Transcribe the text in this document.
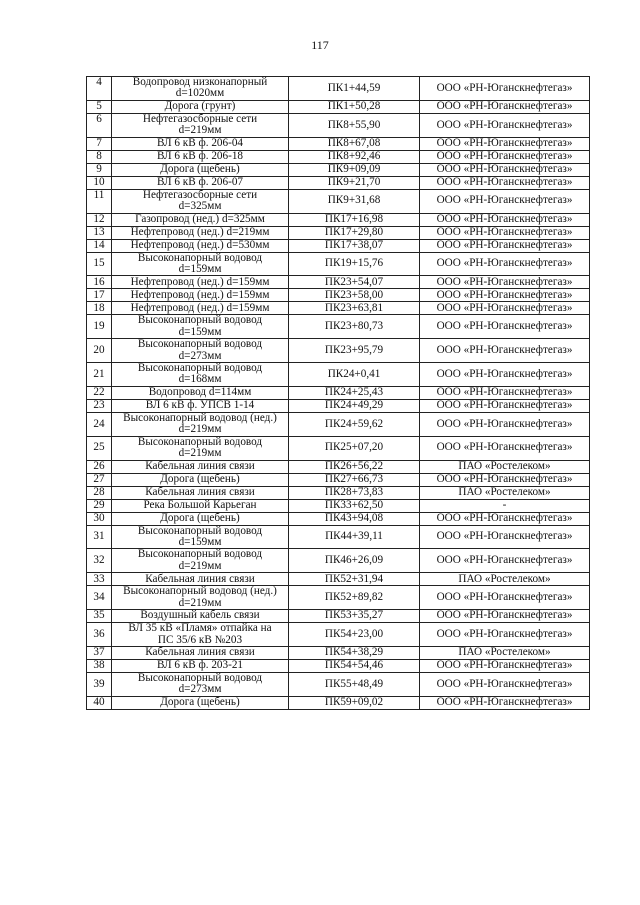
117
4	Водопровод низконапорный
d=1020мм	ПК1+44,59	ООО «РН-Юганскнефтегаз»
5	Дорога (грунт)	ПК1+50,28	ООО «РН-Юганскнефтегаз»
6	Нефтегазосборные сети
d=219мм	ПК8+55,90	ООО «РН-Юганскнефтегаз»
7	ВЛ 6 кВ ф. 206-04	ПК8+67,08	ООО «РН-Юганскнефтегаз»
8	ВЛ 6 кВ ф. 206-18	ПК8+92,46	ООО «РН-Юганскнефтегаз»
9	Дорога (щебень)	ПК9+09,09	ООО «РН-Юганскнефтегаз»
10	ВЛ 6 кВ ф. 206-07	ПК9+21,70	ООО «РН-Юганскнефтегаз»
11	Нефтегазосборные сети
d=325мм	ПК9+31,68	ООО «РН-Юганскнефтегаз»
12	Газопровод (нед.) d=325мм	ПК17+16,98	ООО «РН-Юганскнефтегаз»
13	Нефтепровод (нед.) d=219мм	ПК17+29,80	ООО «РН-Юганскнефтегаз»
14	Нефтепровод (нед.) d=530мм	ПК17+38,07	ООО «РН-Юганскнефтегаз»
15	Высоконапорный водовод
d=159мм	ПК19+15,76	ООО «РН-Юганскнефтегаз»
16	Нефтепровод (нед.) d=159мм	ПК23+54,07	ООО «РН-Юганскнефтегаз»
17	Нефтепровод (нед.) d=159мм	ПК23+58,00	ООО «РН-Юганскнефтегаз»
18	Нефтепровод (нед.) d=159мм	ПК23+63,81	ООО «РН-Юганскнефтегаз»
19	Высоконапорный водовод
d=159мм	ПК23+80,73	ООО «РН-Юганскнефтегаз»
20	Высоконапорный водовод
d=273мм	ПК23+95,79	ООО «РН-Юганскнефтегаз»
21	Высоконапорный водовод
d=168мм	ПК24+0,41	ООО «РН-Юганскнефтегаз»
22	Водопровод d=114мм	ПК24+25,43	ООО «РН-Юганскнефтегаз»
23	ВЛ 6 кВ ф. УПСВ 1-14	ПК24+49,29	ООО «РН-Юганскнефтегаз»
24	Высоконапорный водовод (нед.)
d=219мм	ПК24+59,62	ООО «РН-Юганскнефтегаз»
25	Высоконапорный водовод
d=219мм	ПК25+07,20	ООО «РН-Юганскнефтегаз»
26	Кабельная линия связи	ПК26+56,22	ПАО «Ростелеком»
27	Дорога (щебень)	ПК27+66,73	ООО «РН-Юганскнефтегаз»
28	Кабельная линия связи	ПК28+73,83	ПАО «Ростелеком»
29	Река Большой Карьеган	ПК33+62,50	-
30	Дорога (щебень)	ПК43+94,08	ООО «РН-Юганскнефтегаз»
31	Высоконапорный водовод
d=159мм	ПК44+39,11	ООО «РН-Юганскнефтегаз»
32	Высоконапорный водовод
d=219мм	ПК46+26,09	ООО «РН-Юганскнефтегаз»
33	Кабельная линия связи	ПК52+31,94	ПАО «Ростелеком»
34	Высоконапорный водовод (нед.)
d=219мм	ПК52+89,82	ООО «РН-Юганскнефтегаз»
35	Воздушный кабель связи	ПК53+35,27	ООО «РН-Юганскнефтегаз»
36	ВЛ 35 кВ «Пламя» отпайка на
ПС 35/6 кВ №203	ПК54+23,00	ООО «РН-Юганскнефтегаз»
37	Кабельная линия связи	ПК54+38,29	ПАО «Ростелеком»
38	ВЛ 6 кВ ф. 203-21	ПК54+54,46	ООО «РН-Юганскнефтегаз»
39	Высоконапорный водовод
d=273мм	ПК55+48,49	ООО «РН-Юганскнефтегаз»
40	Дорога (щебень)	ПК59+09,02	ООО «РН-Юганскнефтегаз»
